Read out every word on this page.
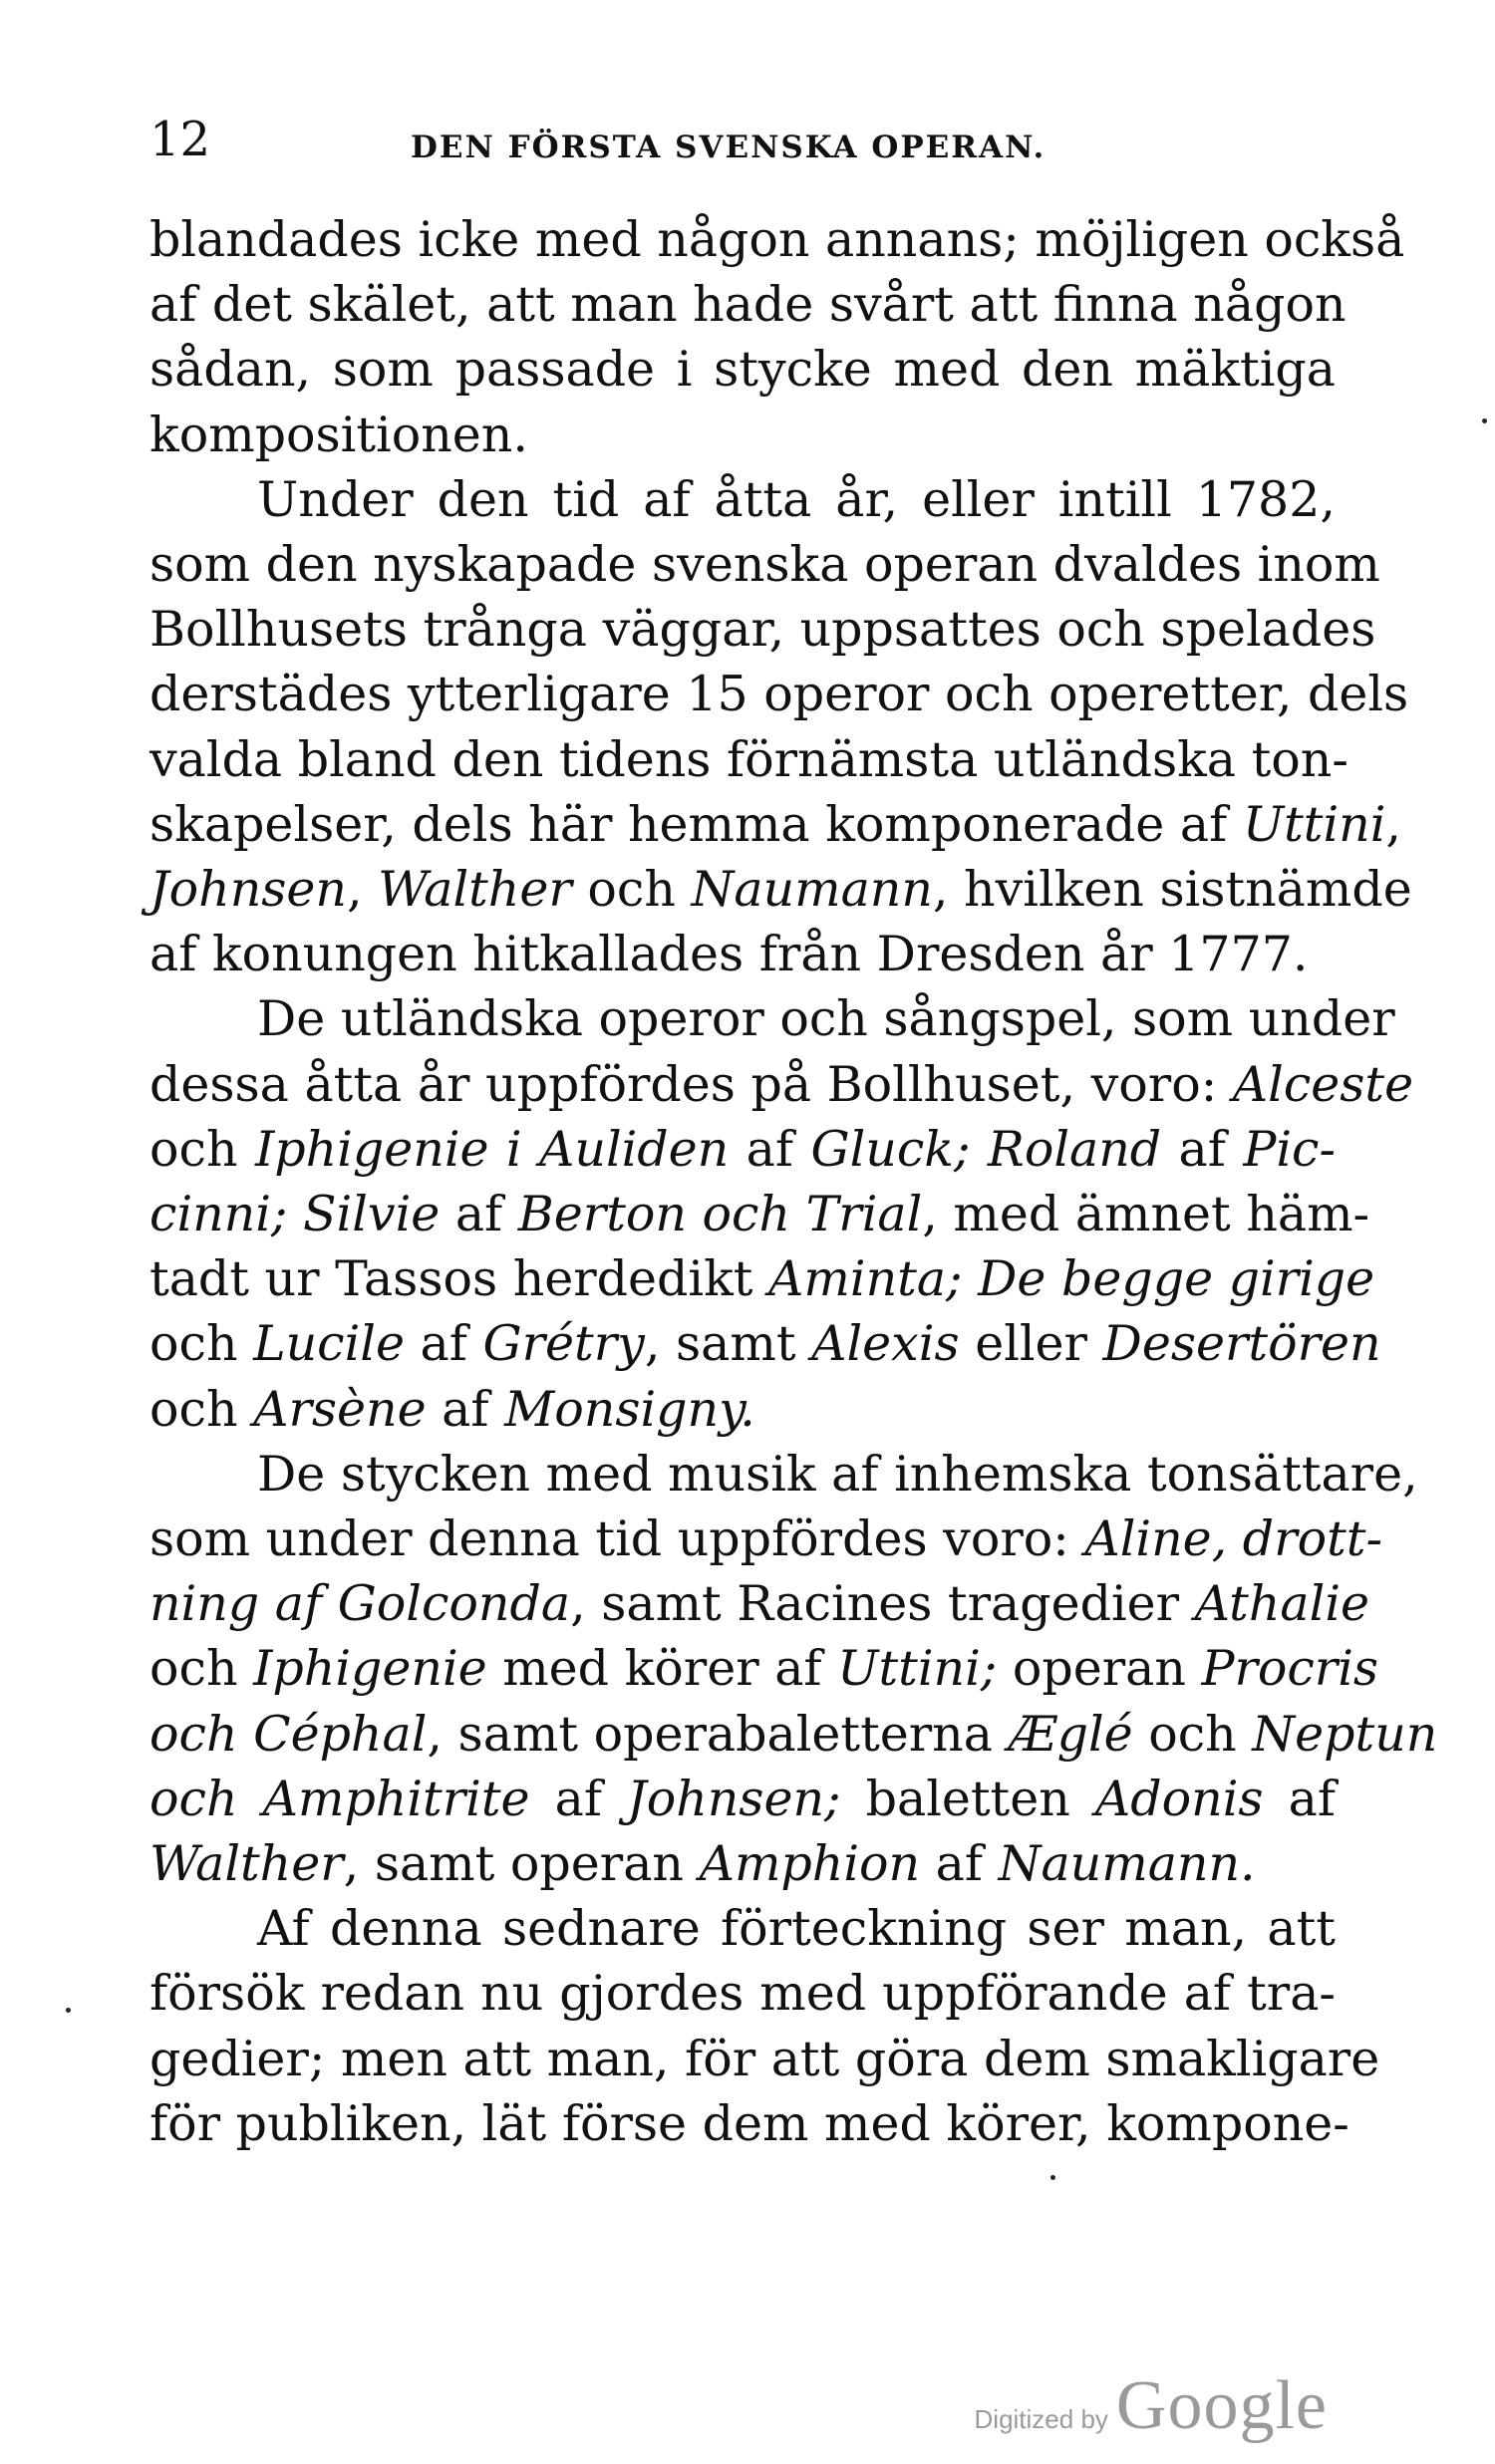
12	DEN FÖRSTA SVENSKA OPERAN.
blandades icke med någon annans; möjligen också
af det skälet, att man hade svårt att finna någon
sådan, som passade i stycke med den mäktiga
kompositionen.
Under den tid af åtta år, eller intill 1782,
som den nyskapade svenska operan dvaldes inom
Bollhusets trånga väggar, uppsattes och spelades
derstädes ytterligare 15 operor och operetter, dels
valda bland den tidens förnämsta utländska ton-
skapelser, dels här hemma komponerade af Uttini,
Johnsen, Walther och Naumann, hvilken sistnämde
af konungen hitkallades från Dresden år 1777.
De utländska operor och sångspel, som under
dessa åtta år uppfördes på Bollhuset, voro: Alceste
och Iphigenie i Auliden af Gluck; Roland af Pic-
cinni; Silvie af Berton och Trial, med ämnet häm-
tadt ur Tassos herdedikt Aminta; De begge girige
och Lucile af Grétry, samt Alexis eller Desertören
och Arsène af Monsigny.
De stycken med musik af inhemska tonsättare,
som under denna tid uppfördes voro: Aline, drott-
ning af Golconda, samt Racines tragedier Athalie
och Iphigenie med körer af Uttini; operan Procris
och Céphal, samt operabaletterna Æglé och Neptun
och Amphitrite af Johnsen; baletten Adonis af
Walther, samt operan Amphion af Naumann.
Af denna sednare förteckning ser man, att
försök redan nu gjordes med uppförande af tra-
gedier; men att man, för att göra dem smakligare
för publiken, lät förse dem med körer, kompone-
Digitized by Google
